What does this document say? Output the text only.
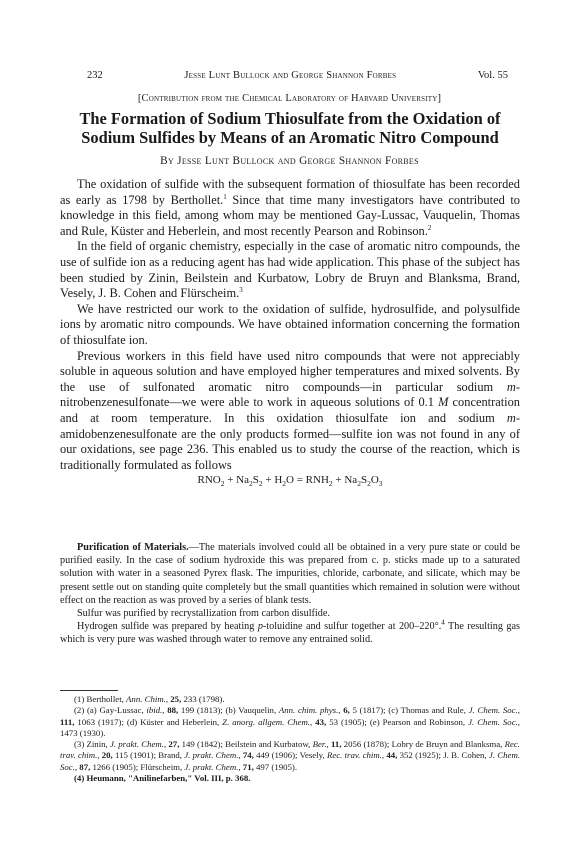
232	Jesse Lunt Bullock and George Shannon Forbes	Vol. 55
[Contribution from the Chemical Laboratory of Harvard University]
The Formation of Sodium Thiosulfate from the Oxidation of
Sodium Sulfides by Means of an Aromatic Nitro Compound
By Jesse Lunt Bullock and George Shannon Forbes

The oxidation of sulfide with the subsequent formation of thiosulfate has been recorded as early as 1798 by Berthollet.$^1$ Since that time many investigators have contributed to knowledge in this field, among whom may be mentioned Gay-Lussac, Vauquelin, Thomas and Rule, Küster and Heberlein, and most recently Pearson and Robinson.$^2$

In the field of organic chemistry, especially in the case of aromatic nitro compounds, the use of sulfide ion as a reducing agent has had wide application. This phase of the subject has been studied by Zinin, Beilstein and Kurbatow, Lobry de Bruyn and Blanksma, Brand, Vesely, J. B. Cohen and Flürscheim.$^3$

We have restricted our work to the oxidation of sulfide, hydrosulfide, and polysulfide ions by aromatic nitro compounds. We have obtained information concerning the formation of thiosulfate ion.

Previous workers in this field have used nitro compounds that were not appreciably soluble in aqueous solution and have employed higher temperatures and mixed solvents. By the use of sulfonated aromatic nitro compounds—in particular sodium m-nitrobenzenesulfonate—we were able to work in aqueous solutions of 0.1 M concentration and at room temperature. In this oxidation thiosulfate ion and sodium m-amidobenzenesulfonate are the only products formed—sulfite ion was not found in any of our oxidations, see page 236. This enabled us to study the course of the reaction, which is traditionally formulated as follows

$RNO_2 + Na_2S_2 + H_2O = RNH_2 + Na_2S_2O_3$

Purification of Materials.—The materials involved could all be obtained in a very pure state or could be purified easily. In the case of sodium hydroxide this was prepared from c. p. sticks made up to a saturated solution with water in a seasoned Pyrex flask. The impurities, chloride, carbonate, and silicate, which may be present settle out on standing quite completely but the small quantities which remained in solution were without effect on the reaction as was proved by a series of blank tests.

Sulfur was purified by recrystallization from carbon disulfide.

Hydrogen sulfide was prepared by heating p-toluidine and sulfur together at 200–220°.$^4$ The resulting gas which is very pure was washed through water to remove any entrained solid.

(1) Berthollet, Ann. Chim., 25, 233 (1798).

(2) (a) Gay-Lussac, ibid., 88, 199 (1813); (b) Vauquelin, Ann. chim. phys., 6, 5 (1817); (c) Thomas and Rule, J. Chem. Soc., 111, 1063 (1917); (d) Küster and Heberlein, Z. anorg. allgem. Chem., 43, 53 (1905); (e) Pearson and Robinson, J. Chem. Soc., 1473 (1930).

(3) Zinin, J. prakt. Chem., 27, 149 (1842); Beilstein and Kurbatow, Ber., 11, 2056 (1878); Lobry de Bruyn and Blanksma, Rec. trav. chim., 20, 115 (1901); Brand, J. prakt. Chem., 74, 449 (1906); Vesely, Rec. trav. chim., 44, 352 (1925); J. B. Cohen, J. Chem. Soc., 87, 1266 (1905); Flürscheim, J. prakt. Chem., 71, 497 (1905).

(4) Heumann, "Anilinefarben," Vol. III, p. 368.
